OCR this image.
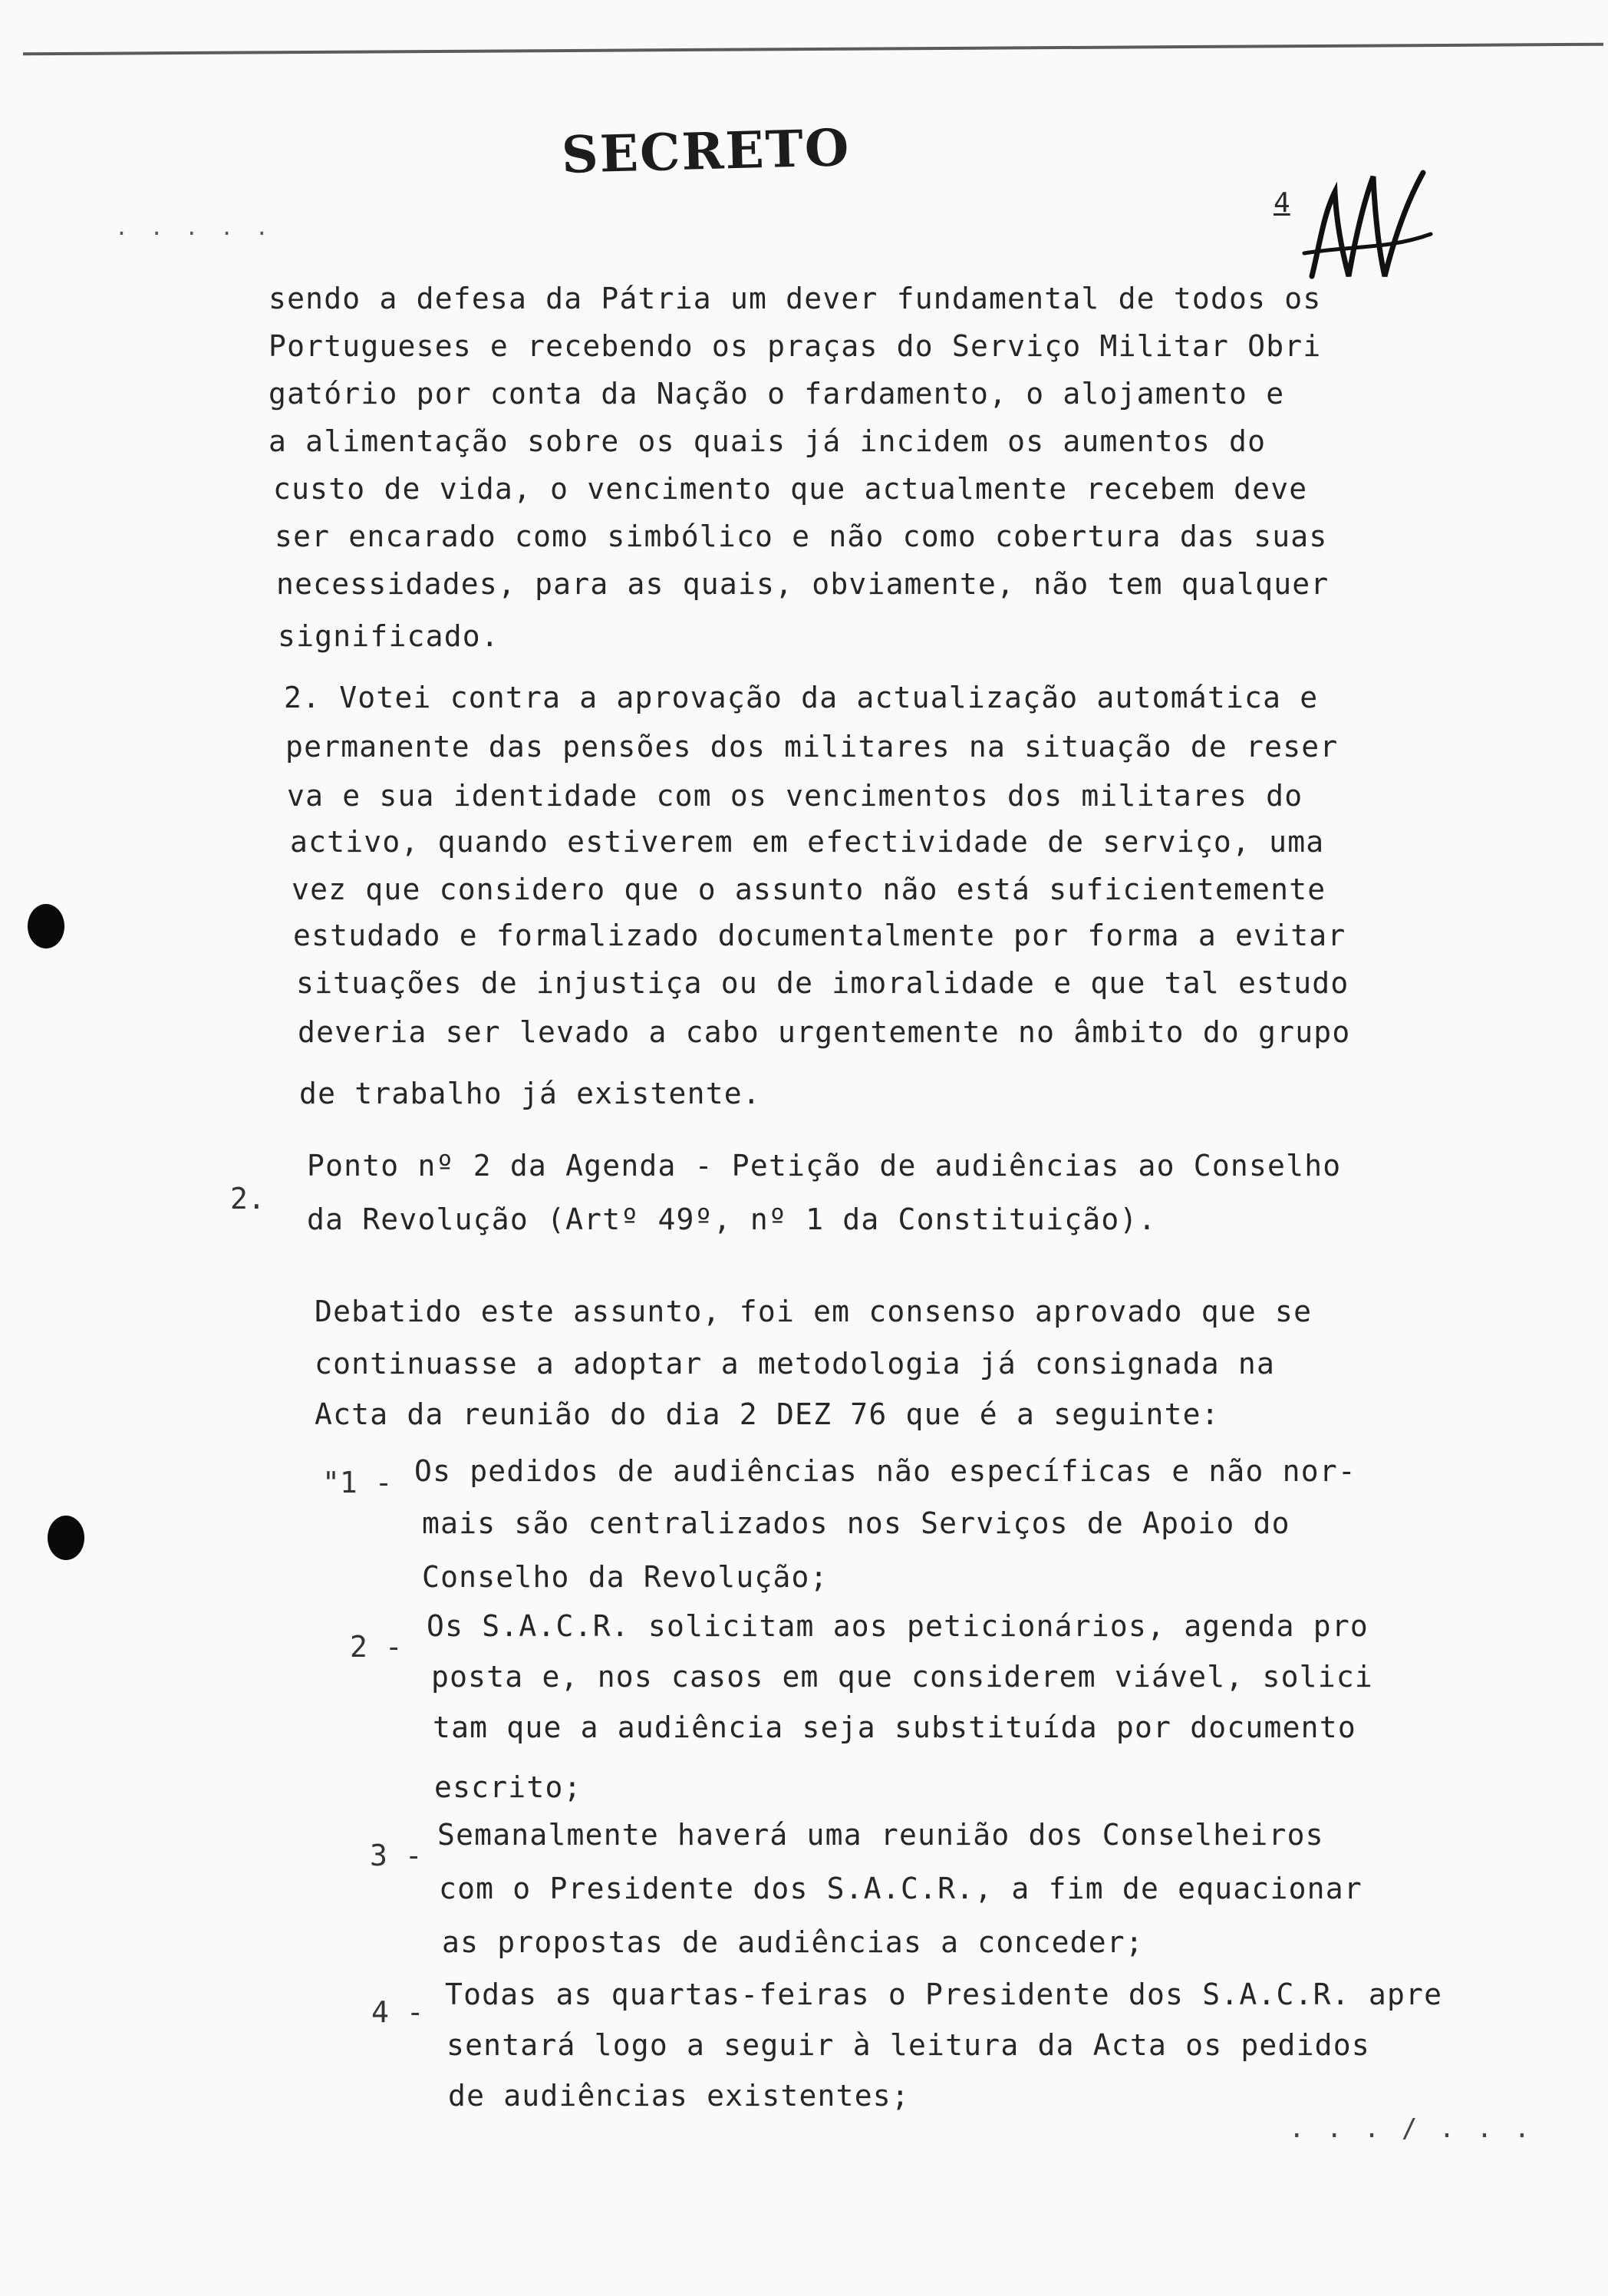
SECRETO
. . . . .
4
sendo a defesa da Pátria um dever fundamental de todos os
Portugueses e recebendo os praças do Serviço Militar Obri
gatório por conta da Nação o fardamento, o alojamento e
a alimentação sobre os quais já incidem os aumentos do
custo de vida, o vencimento que actualmente recebem deve
ser encarado como simbólico e não como cobertura das suas
necessidades, para as quais, obviamente, não tem qualquer
significado.
2. Votei contra a aprovação da actualização automática e
permanente das pensões dos militares na situação de reser
va e sua identidade com os vencimentos dos militares do
activo, quando estiverem em efectividade de serviço, uma
vez que considero que o assunto não está suficientemente
estudado e formalizado documentalmente por forma a evitar
situações de injustiça ou de imoralidade e que tal estudo
deveria ser levado a cabo urgentemente no âmbito do grupo
de trabalho já existente.
2.
Ponto nº 2 da Agenda - Petição de audiências ao Conselho
da Revolução (Artº 49º, nº 1 da Constituição).
Debatido este assunto, foi em consenso aprovado que se
continuasse a adoptar a metodologia já consignada na
Acta da reunião do dia 2 DEZ 76 que é a seguinte:
"1 - Os pedidos de audiências não específicas e não nor-
mais são centralizados nos Serviços de Apoio do
Conselho da Revolução;
2 -
Os S.A.C.R. solicitam aos peticionários, agenda pro
posta e, nos casos em que considerem viável, solici
tam que a audiência seja substituída por documento
escrito;
3 -
Semanalmente haverá uma reunião dos Conselheiros
com o Presidente dos S.A.C.R., a fim de equacionar
as propostas de audiências a conceder;
4 -
Todas as quartas-feiras o Presidente dos S.A.C.R. apre
sentará logo a seguir à leitura da Acta os pedidos
de audiências existentes;
. . . / . . .
